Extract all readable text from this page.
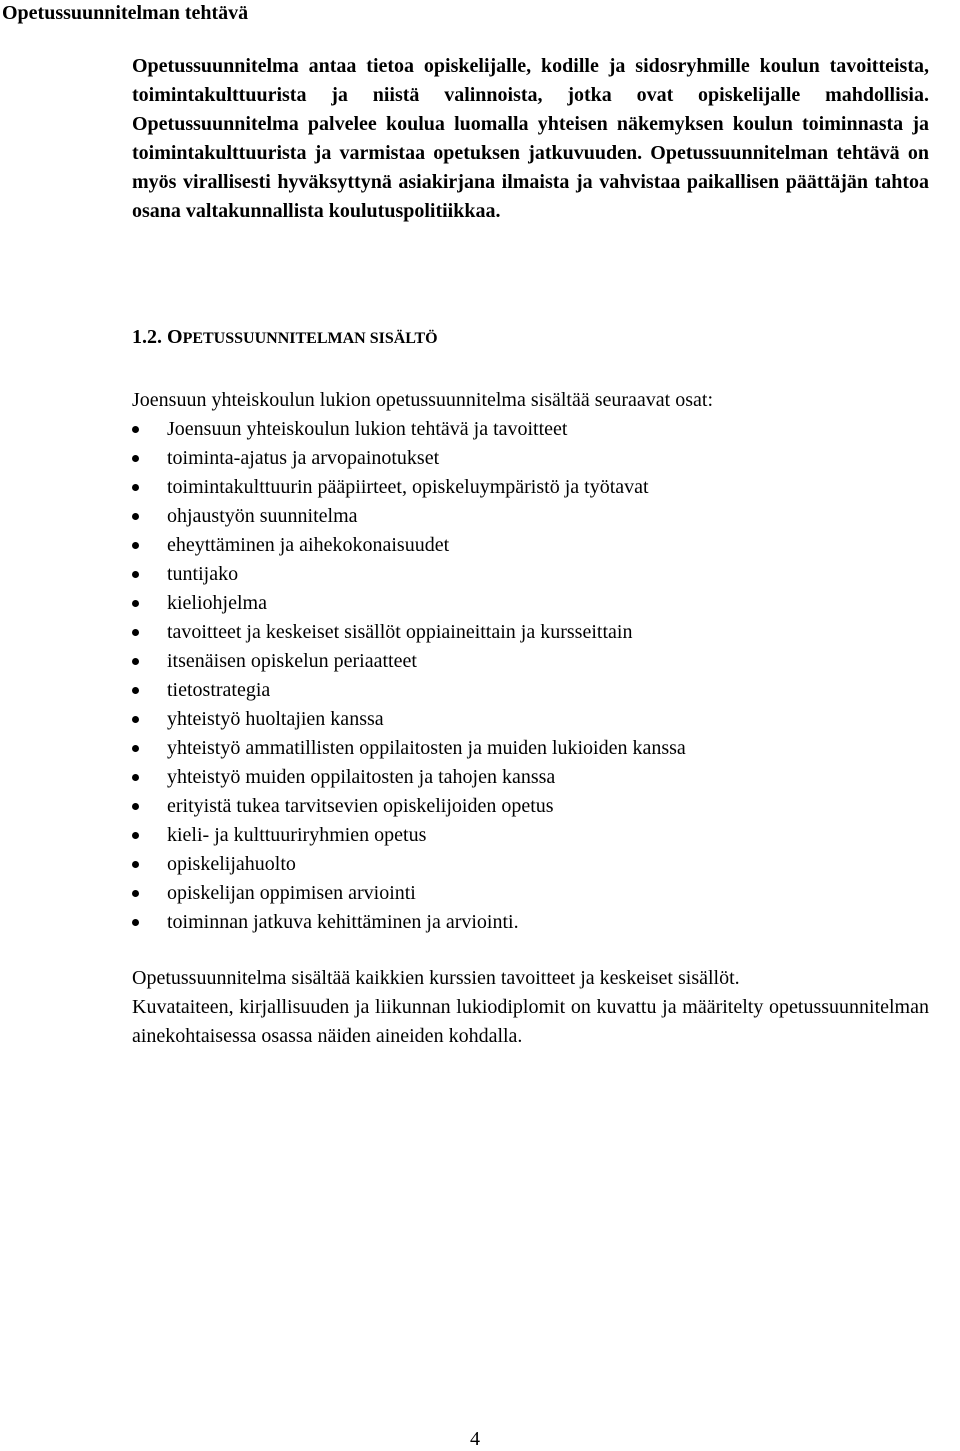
Opetussuunnitelman tehtävä

Opetussuunnitelma antaa tietoa opiskelijalle, kodille ja sidosryhmille koulun tavoitteista, toimintakulttuurista ja niistä valinnoista, jotka ovat opiskelijalle mahdollisia. Opetussuunnitelma palvelee koulua luomalla yhteisen näkemyksen koulun toiminnasta ja toimintakulttuurista ja varmistaa opetuksen jatkuvuuden. Opetussuunnitelman tehtävä on myös virallisesti hyväksyttynä asiakirjana ilmaista ja vahvistaa paikallisen päättäjän tahtoa osana valtakunnallista koulutuspolitiikkaa.

1.2. OPETUSSUUNNITELMAN SISÄLTÖ

Joensuun yhteiskoulun lukion opetussuunnitelma sisältää seuraavat osat:

Joensuun yhteiskoulun lukion tehtävä ja tavoitteet
toiminta-ajatus ja arvopainotukset
toimintakulttuurin pääpiirteet, opiskeluympäristö ja työtavat
ohjaustyön suunnitelma
eheyttäminen ja aihekokonaisuudet
tuntijako
kieliohjelma
tavoitteet ja keskeiset sisällöt oppiaineittain ja kursseittain
itsenäisen opiskelun periaatteet
tietostrategia
yhteistyö huoltajien kanssa
yhteistyö ammatillisten oppilaitosten ja muiden lukioiden kanssa
yhteistyö muiden oppilaitosten ja tahojen kanssa
erityistä tukea tarvitsevien opiskelijoiden opetus
kieli- ja kulttuuriryhmien opetus
opiskelijahuolto
opiskelijan oppimisen arviointi
toiminnan jatkuva kehittäminen ja arviointi.

Opetussuunnitelma sisältää kaikkien kurssien tavoitteet ja keskeiset sisällöt.
Kuvataiteen, kirjallisuuden ja liikunnan lukiodiplomit on kuvattu ja määritelty opetussuunnitelman ainekohtaisessa osassa näiden aineiden kohdalla.

4
